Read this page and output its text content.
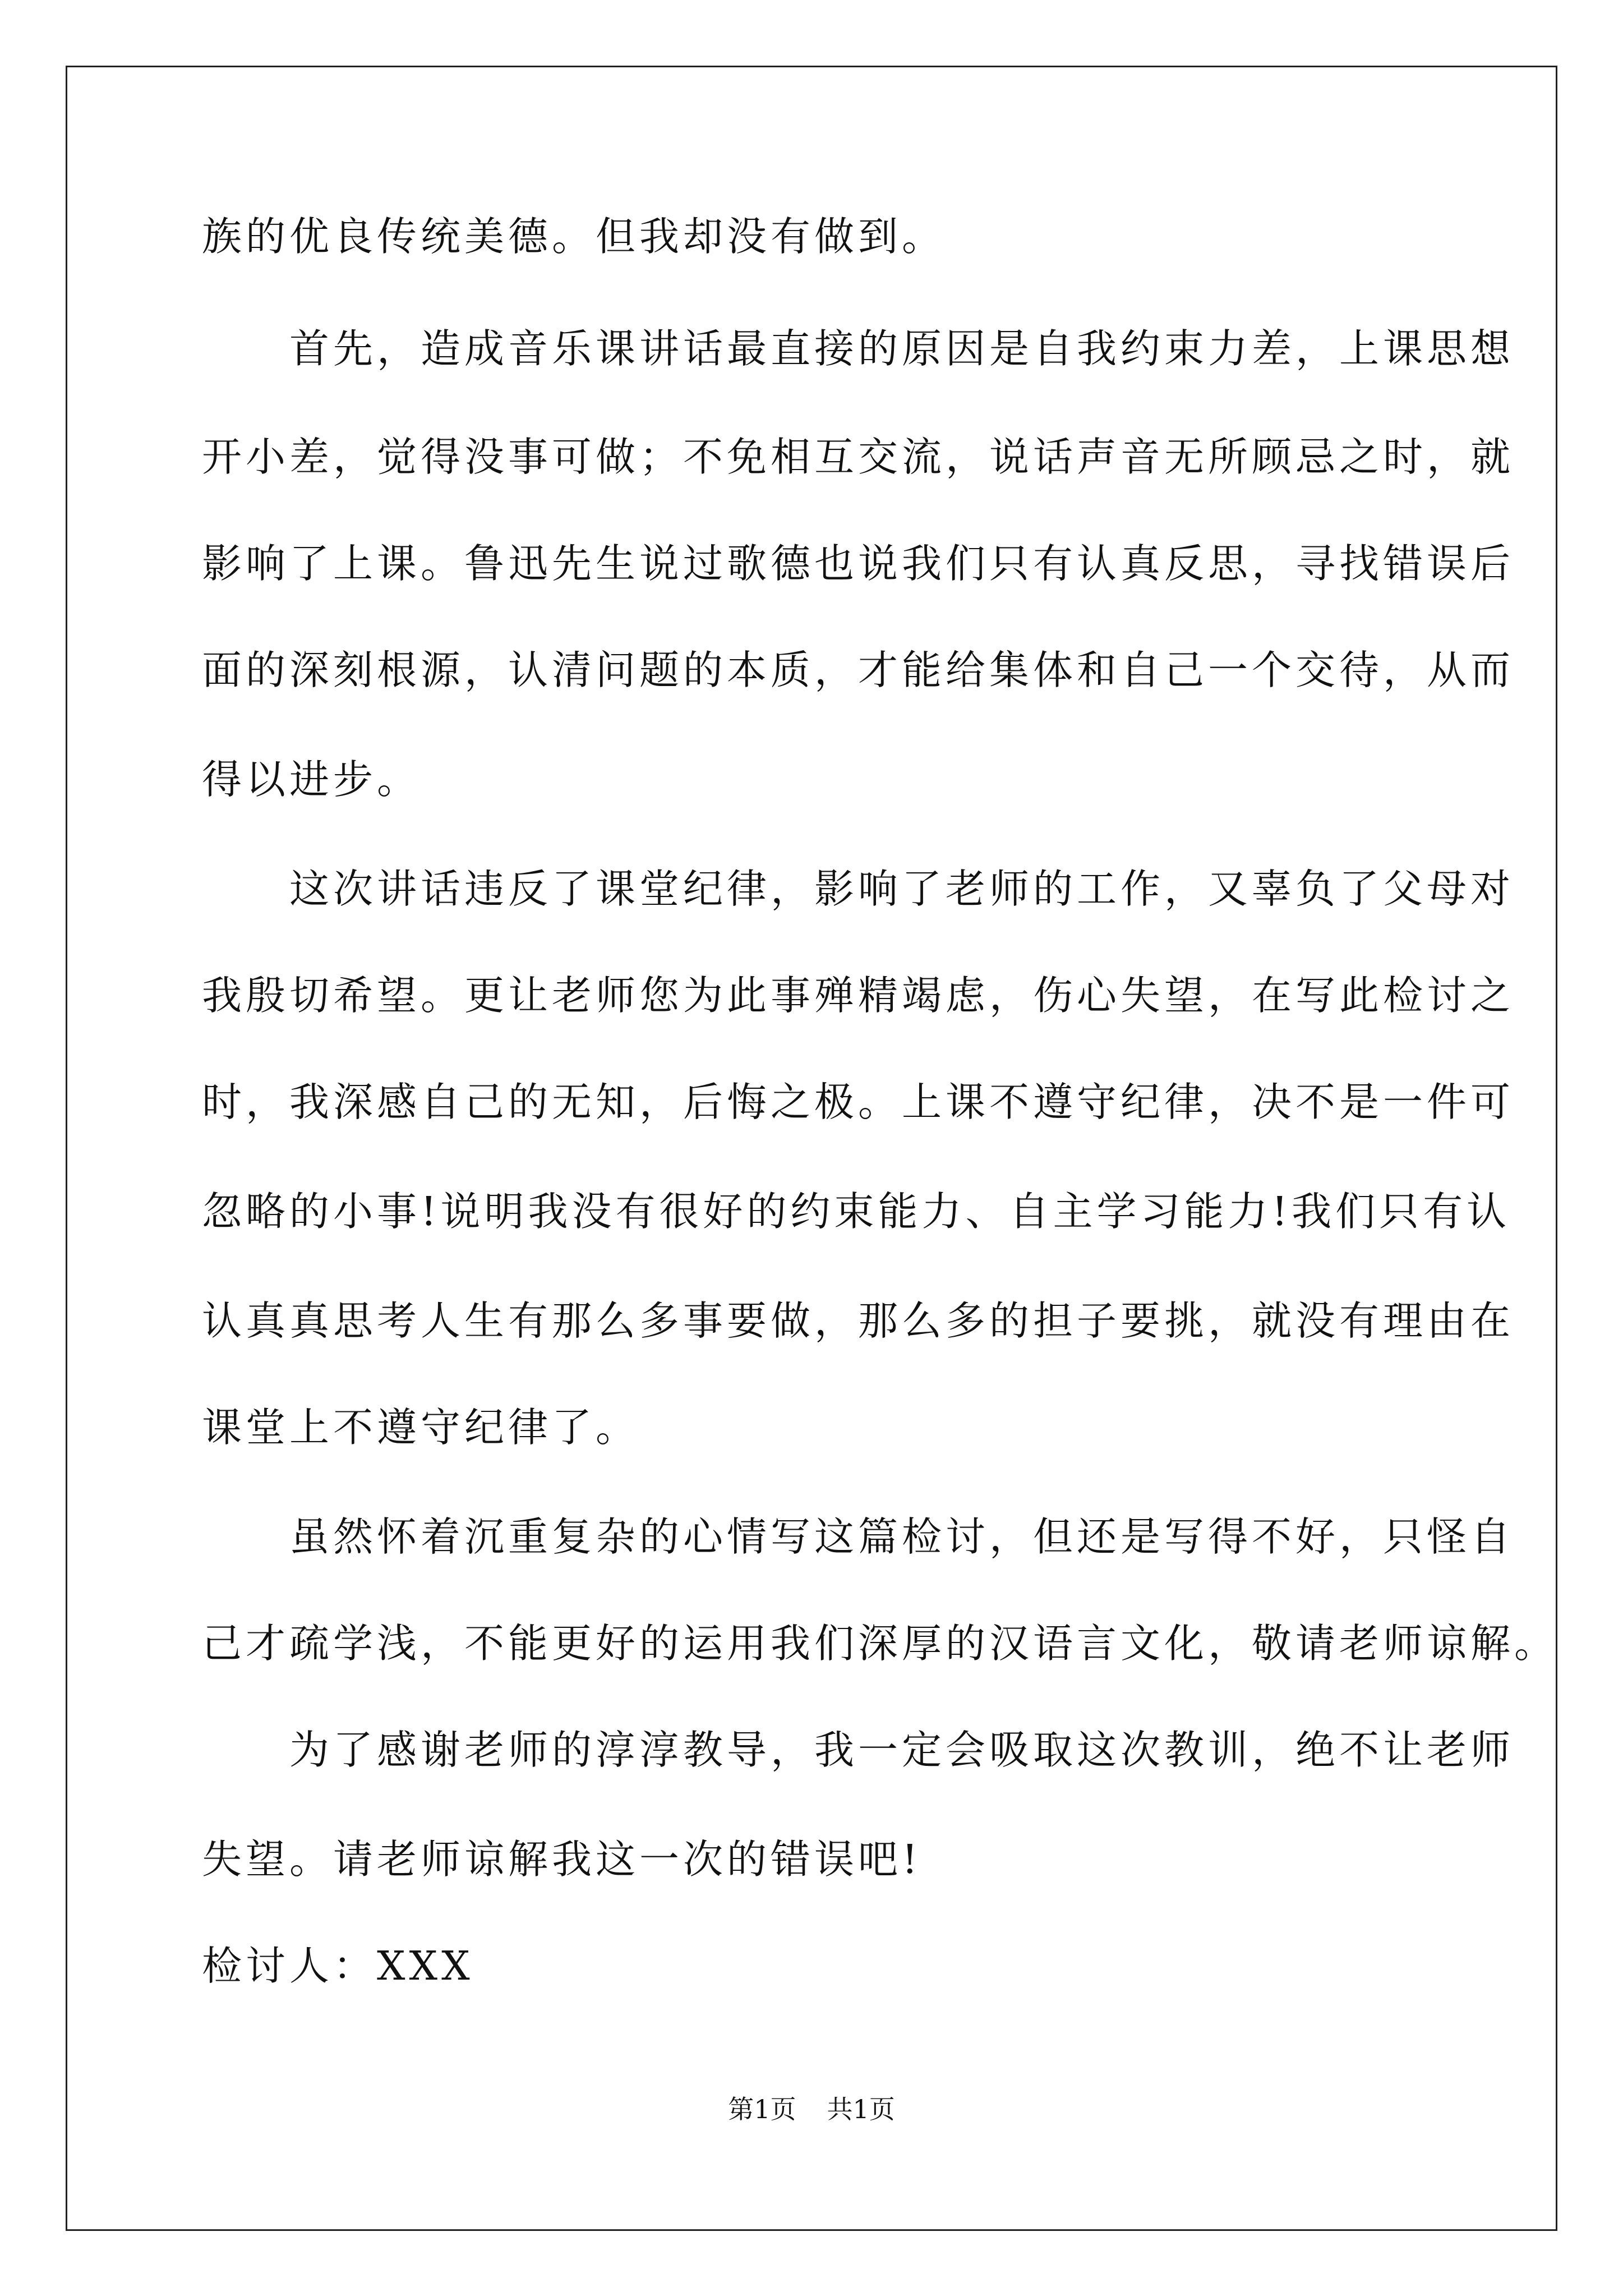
族的优良传统美德。但我却没有做到。
　　首先，造成音乐课讲话最直接的原因是自我约束力差，上课思想
开小差，觉得没事可做；不免相互交流，说话声音无所顾忌之时，就
影响了上课。鲁迅先生说过歌德也说我们只有认真反思，寻找错误后
面的深刻根源，认清问题的本质，才能给集体和自己一个交待，从而
得以进步。
　　这次讲话违反了课堂纪律，影响了老师的工作，又辜负了父母对
我殷切希望。更让老师您为此事殚精竭虑，伤心失望，在写此检讨之
时，我深感自己的无知，后悔之极。上课不遵守纪律，决不是一件可
忽略的小事!说明我没有很好的约束能力、自主学习能力!我们只有认
认真真思考人生有那么多事要做，那么多的担子要挑，就没有理由在
课堂上不遵守纪律了。
　　虽然怀着沉重复杂的心情写这篇检讨，但还是写得不好，只怪自
己才疏学浅，不能更好的运用我们深厚的汉语言文化，敬请老师谅解。
　　为了感谢老师的淳淳教导，我一定会吸取这次教训，绝不让老师
失望。请老师谅解我这一次的错误吧!
检讨人：XXX
第1页 共1页
